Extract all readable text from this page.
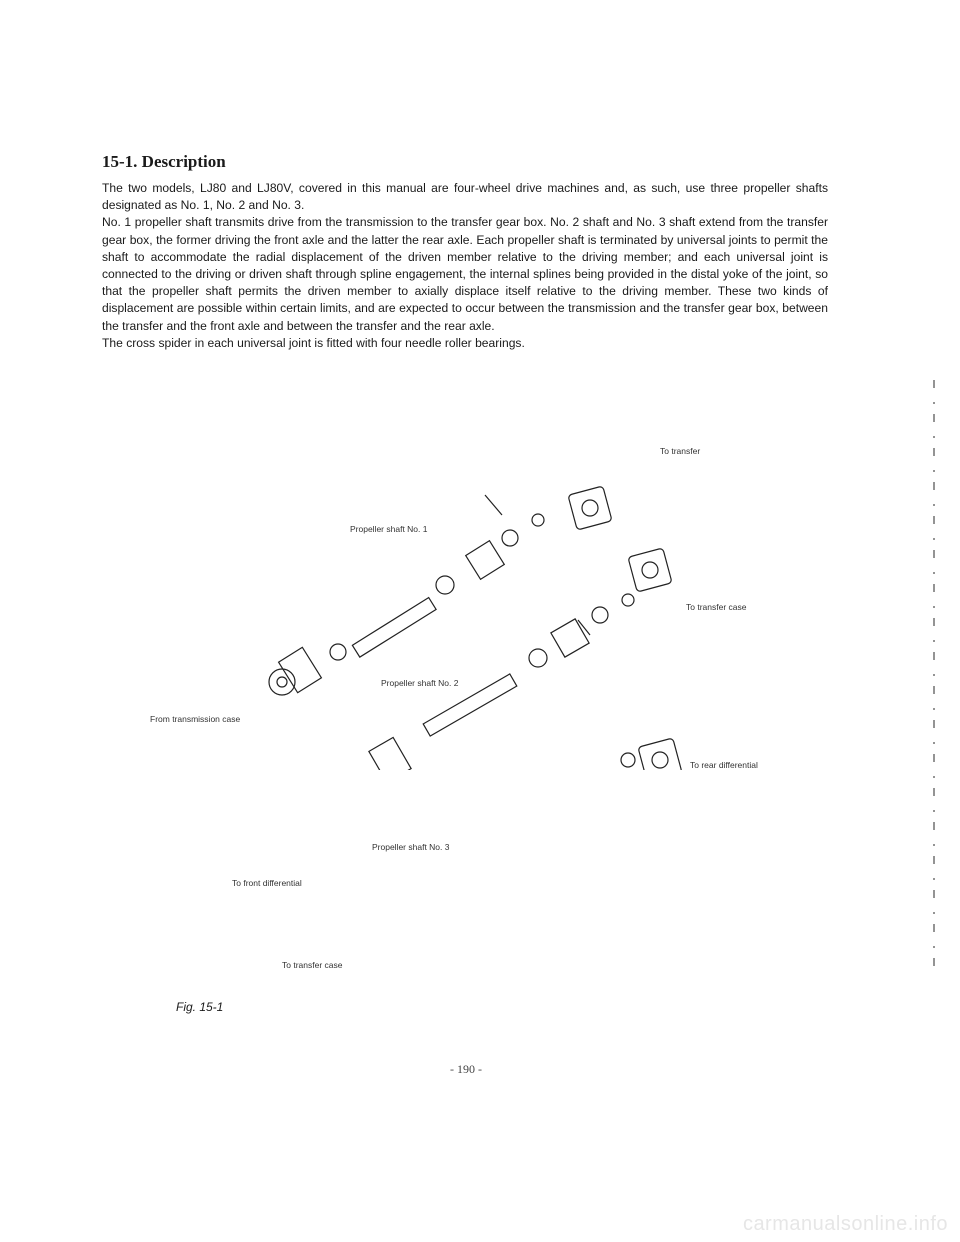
15-1. Description

The two models, LJ80 and LJ80V, covered in this manual are four-wheel drive machines and, as such, use three propeller shafts designated as No. 1, No. 2 and No. 3.

No. 1 propeller shaft transmits drive from the transmission to the transfer gear box. No. 2 shaft and No. 3 shaft extend from the transfer gear box, the former driving the front axle and the latter the rear axle. Each propeller shaft is terminated by universal joints to permit the shaft to accommodate the radial displacement of the driven member relative to the driving member; and each universal joint is connected to the driving or driven shaft through spline engagement, the internal splines being provided in the distal yoke of the joint, so that the propeller shaft permits the driven member to axially displace itself relative to the driving member. These two kinds of displacement are possible within certain limits, and are expected to occur between the transmission and the transfer gear box, between the transfer and the front axle and between the transfer and the rear axle.

The cross spider in each universal joint is fitted with four needle roller bearings.

To transfer
Propeller shaft No. 1
To transfer case
Propeller shaft No. 2
From transmission case
To rear differential
Propeller shaft No. 3
To front differential
To transfer case
Fig. 15-1
- 190 -
carmanualsonline.info
